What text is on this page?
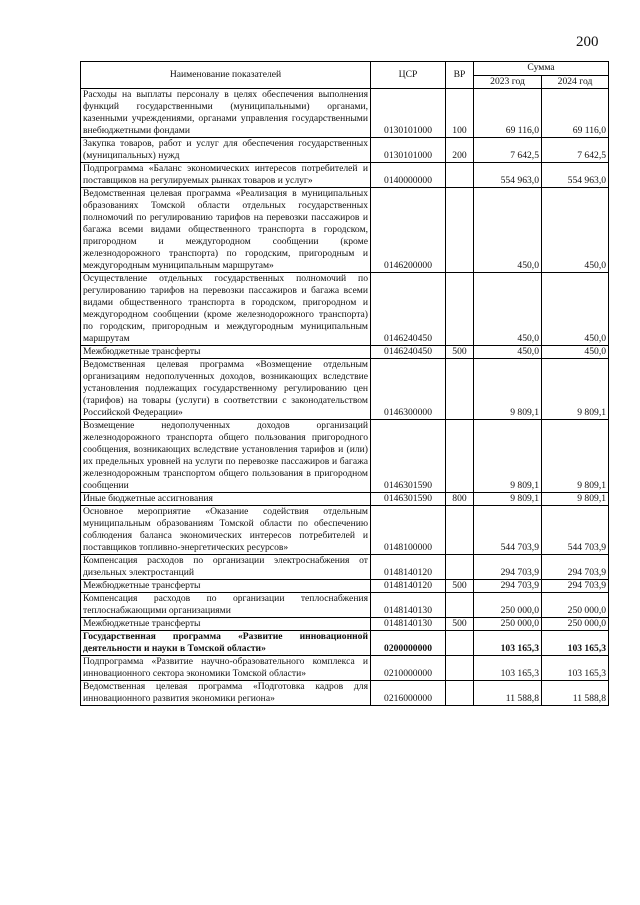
200
Наименование показателей	ЦСР	ВР	Сумма	
			2023 год	2024 год
Расходы на выплаты персоналу в целях обеспечения выполнения функций государственными (муниципальными) органами, казенными учреждениями, органами управления государственными внебюджетными фондами	0130101000	100	69 116,0	69 116,0
Закупка товаров, работ и услуг для обеспечения государственных (муниципальных) нужд	0130101000	200	7 642,5	7 642,5
Подпрограмма «Баланс экономических интересов потребителей и поставщиков на регулируемых рынках товаров и услуг»	0140000000		554 963,0	554 963,0
Ведомственная целевая программа «Реализация в муниципальных образованиях Томской области отдельных государственных полномочий по регулированию тарифов на перевозки пассажиров и багажа всеми видами общественного транспорта в городском, пригородном и междугородном сообщении (кроме железнодорожного транспорта) по городским, пригородным и междугородным муниципальным маршрутам»	0146200000		450,0	450,0
Осуществление отдельных государственных полномочий по регулированию тарифов на перевозки пассажиров и багажа всеми видами общественного транспорта в городском, пригородном и междугородном сообщении (кроме железнодорожного транспорта) по городским, пригородным и междугородным муниципальным маршрутам	0146240450		450,0	450,0
Межбюджетные трансферты	0146240450	500	450,0	450,0
Ведомственная целевая программа «Возмещение отдельным организациям недополученных доходов, возникающих вследствие установления подлежащих государственному регулированию цен (тарифов) на товары (услуги) в соответствии с законодательством Российской Федерации»	0146300000		9 809,1	9 809,1
Возмещение недополученных доходов организаций железнодорожного транспорта общего пользования пригородного сообщения, возникающих вследствие установления тарифов и (или) их предельных уровней на услуги по перевозке пассажиров и багажа железнодорожным транспортом общего пользования в пригородном сообщении	0146301590		9 809,1	9 809,1
Иные бюджетные ассигнования	0146301590	800	9 809,1	9 809,1
Основное мероприятие «Оказание содействия отдельным муниципальным образованиям Томской области по обеспечению соблюдения баланса экономических интересов потребителей и поставщиков топливно-энергетических ресурсов»	0148100000		544 703,9	544 703,9
Компенсация расходов по организации электроснабжения от дизельных электростанций	0148140120		294 703,9	294 703,9
Межбюджетные трансферты	0148140120	500	294 703,9	294 703,9
Компенсация расходов по организации теплоснабжения теплоснабжающими организациями	0148140130		250 000,0	250 000,0
Межбюджетные трансферты	0148140130	500	250 000,0	250 000,0
Государственная программа «Развитие инновационной деятельности и науки в Томской области»	0200000000		103 165,3	103 165,3
Подпрограмма «Развитие научно-образовательного комплекса и инновационного сектора экономики Томской области»	0210000000		103 165,3	103 165,3
Ведомственная целевая программа «Подготовка кадров для инновационного развития экономики региона»	0216000000		11 588,8	11 588,8
